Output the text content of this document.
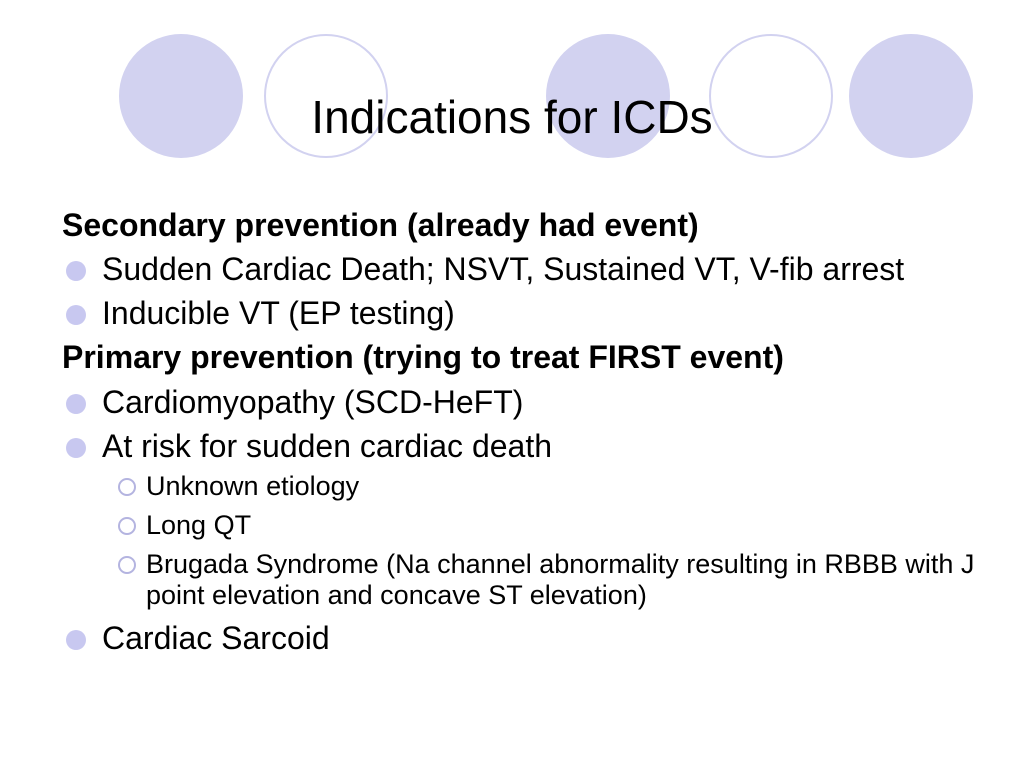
Indications for ICDs
Secondary prevention (already had event)
Sudden Cardiac Death; NSVT, Sustained VT, V-fib arrest
Inducible VT (EP testing)
Primary prevention (trying to treat FIRST event)
Cardiomyopathy (SCD-HeFT)
At risk for sudden cardiac death
Unknown etiology
Long QT
Brugada Syndrome (Na channel abnormality resulting in RBBB with J point elevation and concave ST elevation)
Cardiac Sarcoid
